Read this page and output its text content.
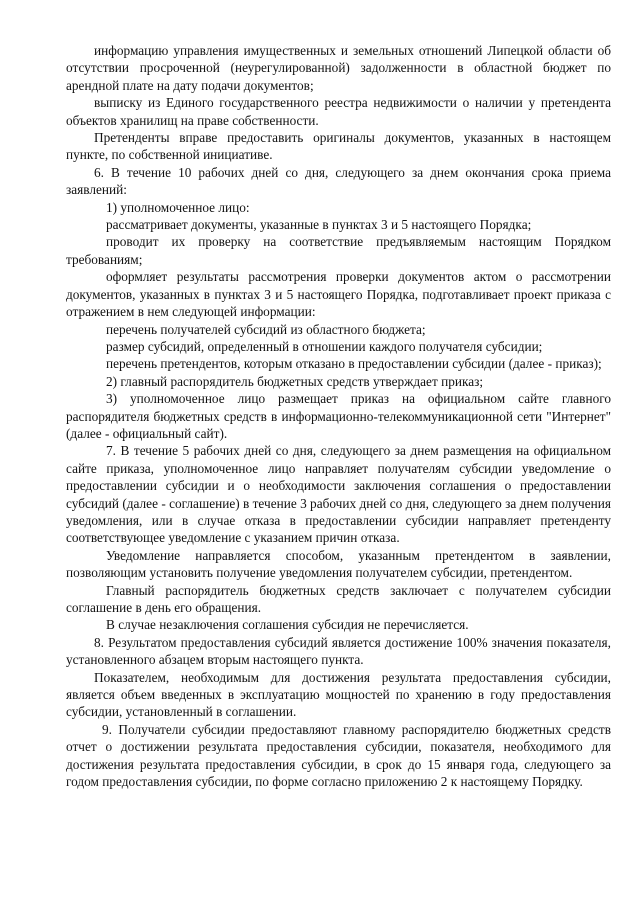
информацию управления имущественных и земельных отношений Липецкой области об отсутствии просроченной (неурегулированной) задолженности в областной бюджет по арендной плате на дату подачи документов;

выписку из Единого государственного реестра недвижимости о наличии у претендента объектов хранилищ на праве собственности.

Претенденты вправе предоставить оригиналы документов, указанных в настоящем пункте, по собственной инициативе.

6. В течение 10 рабочих дней со дня, следующего за днем окончания срока приема заявлений:

1) уполномоченное лицо:

рассматривает документы, указанные в пунктах 3 и 5 настоящего Порядка;

проводит их проверку на соответствие предъявляемым настоящим Порядком требованиям;

оформляет результаты рассмотрения проверки документов актом о рассмотрении документов, указанных в пунктах 3 и 5 настоящего Порядка, подготавливает проект приказа с отражением в нем следующей информации:

перечень получателей субсидий из областного бюджета;

размер субсидий, определенный в отношении каждого получателя субсидии;

перечень претендентов, которым отказано в предоставлении субсидии (далее - приказ);

2) главный распорядитель бюджетных средств утверждает приказ;

3) уполномоченное лицо размещает приказ на официальном сайте главного распорядителя бюджетных средств в информационно-телекоммуникационной сети "Интернет" (далее - официальный сайт).

7. В течение 5 рабочих дней со дня, следующего за днем размещения на официальном сайте приказа, уполномоченное лицо направляет получателям субсидии уведомление о предоставлении субсидии и о необходимости заключения соглашения о предоставлении субсидий (далее - соглашение) в течение 3 рабочих дней со дня, следующего за днем получения уведомления, или в случае отказа в предоставлении субсидии направляет претенденту соответствующее уведомление с указанием причин отказа.

Уведомление направляется способом, указанным претендентом в заявлении, позволяющим установить получение уведомления получателем субсидии, претендентом.

Главный распорядитель бюджетных средств заключает с получателем субсидии соглашение в день его обращения.

В случае незаключения соглашения субсидия не перечисляется.

8. Результатом предоставления субсидий является достижение 100% значения показателя, установленного абзацем вторым настоящего пункта.

Показателем, необходимым для достижения результата предоставления субсидии, является объем введенных в эксплуатацию мощностей по хранению в году предоставления субсидии, установленный в соглашении.

9. Получатели субсидии предоставляют главному распорядителю бюджетных средств отчет о достижении результата предоставления субсидии, показателя, необходимого для достижения результата предоставления субсидии, в срок до 15 января года, следующего за годом предоставления субсидии, по форме согласно приложению 2 к настоящему Порядку.
